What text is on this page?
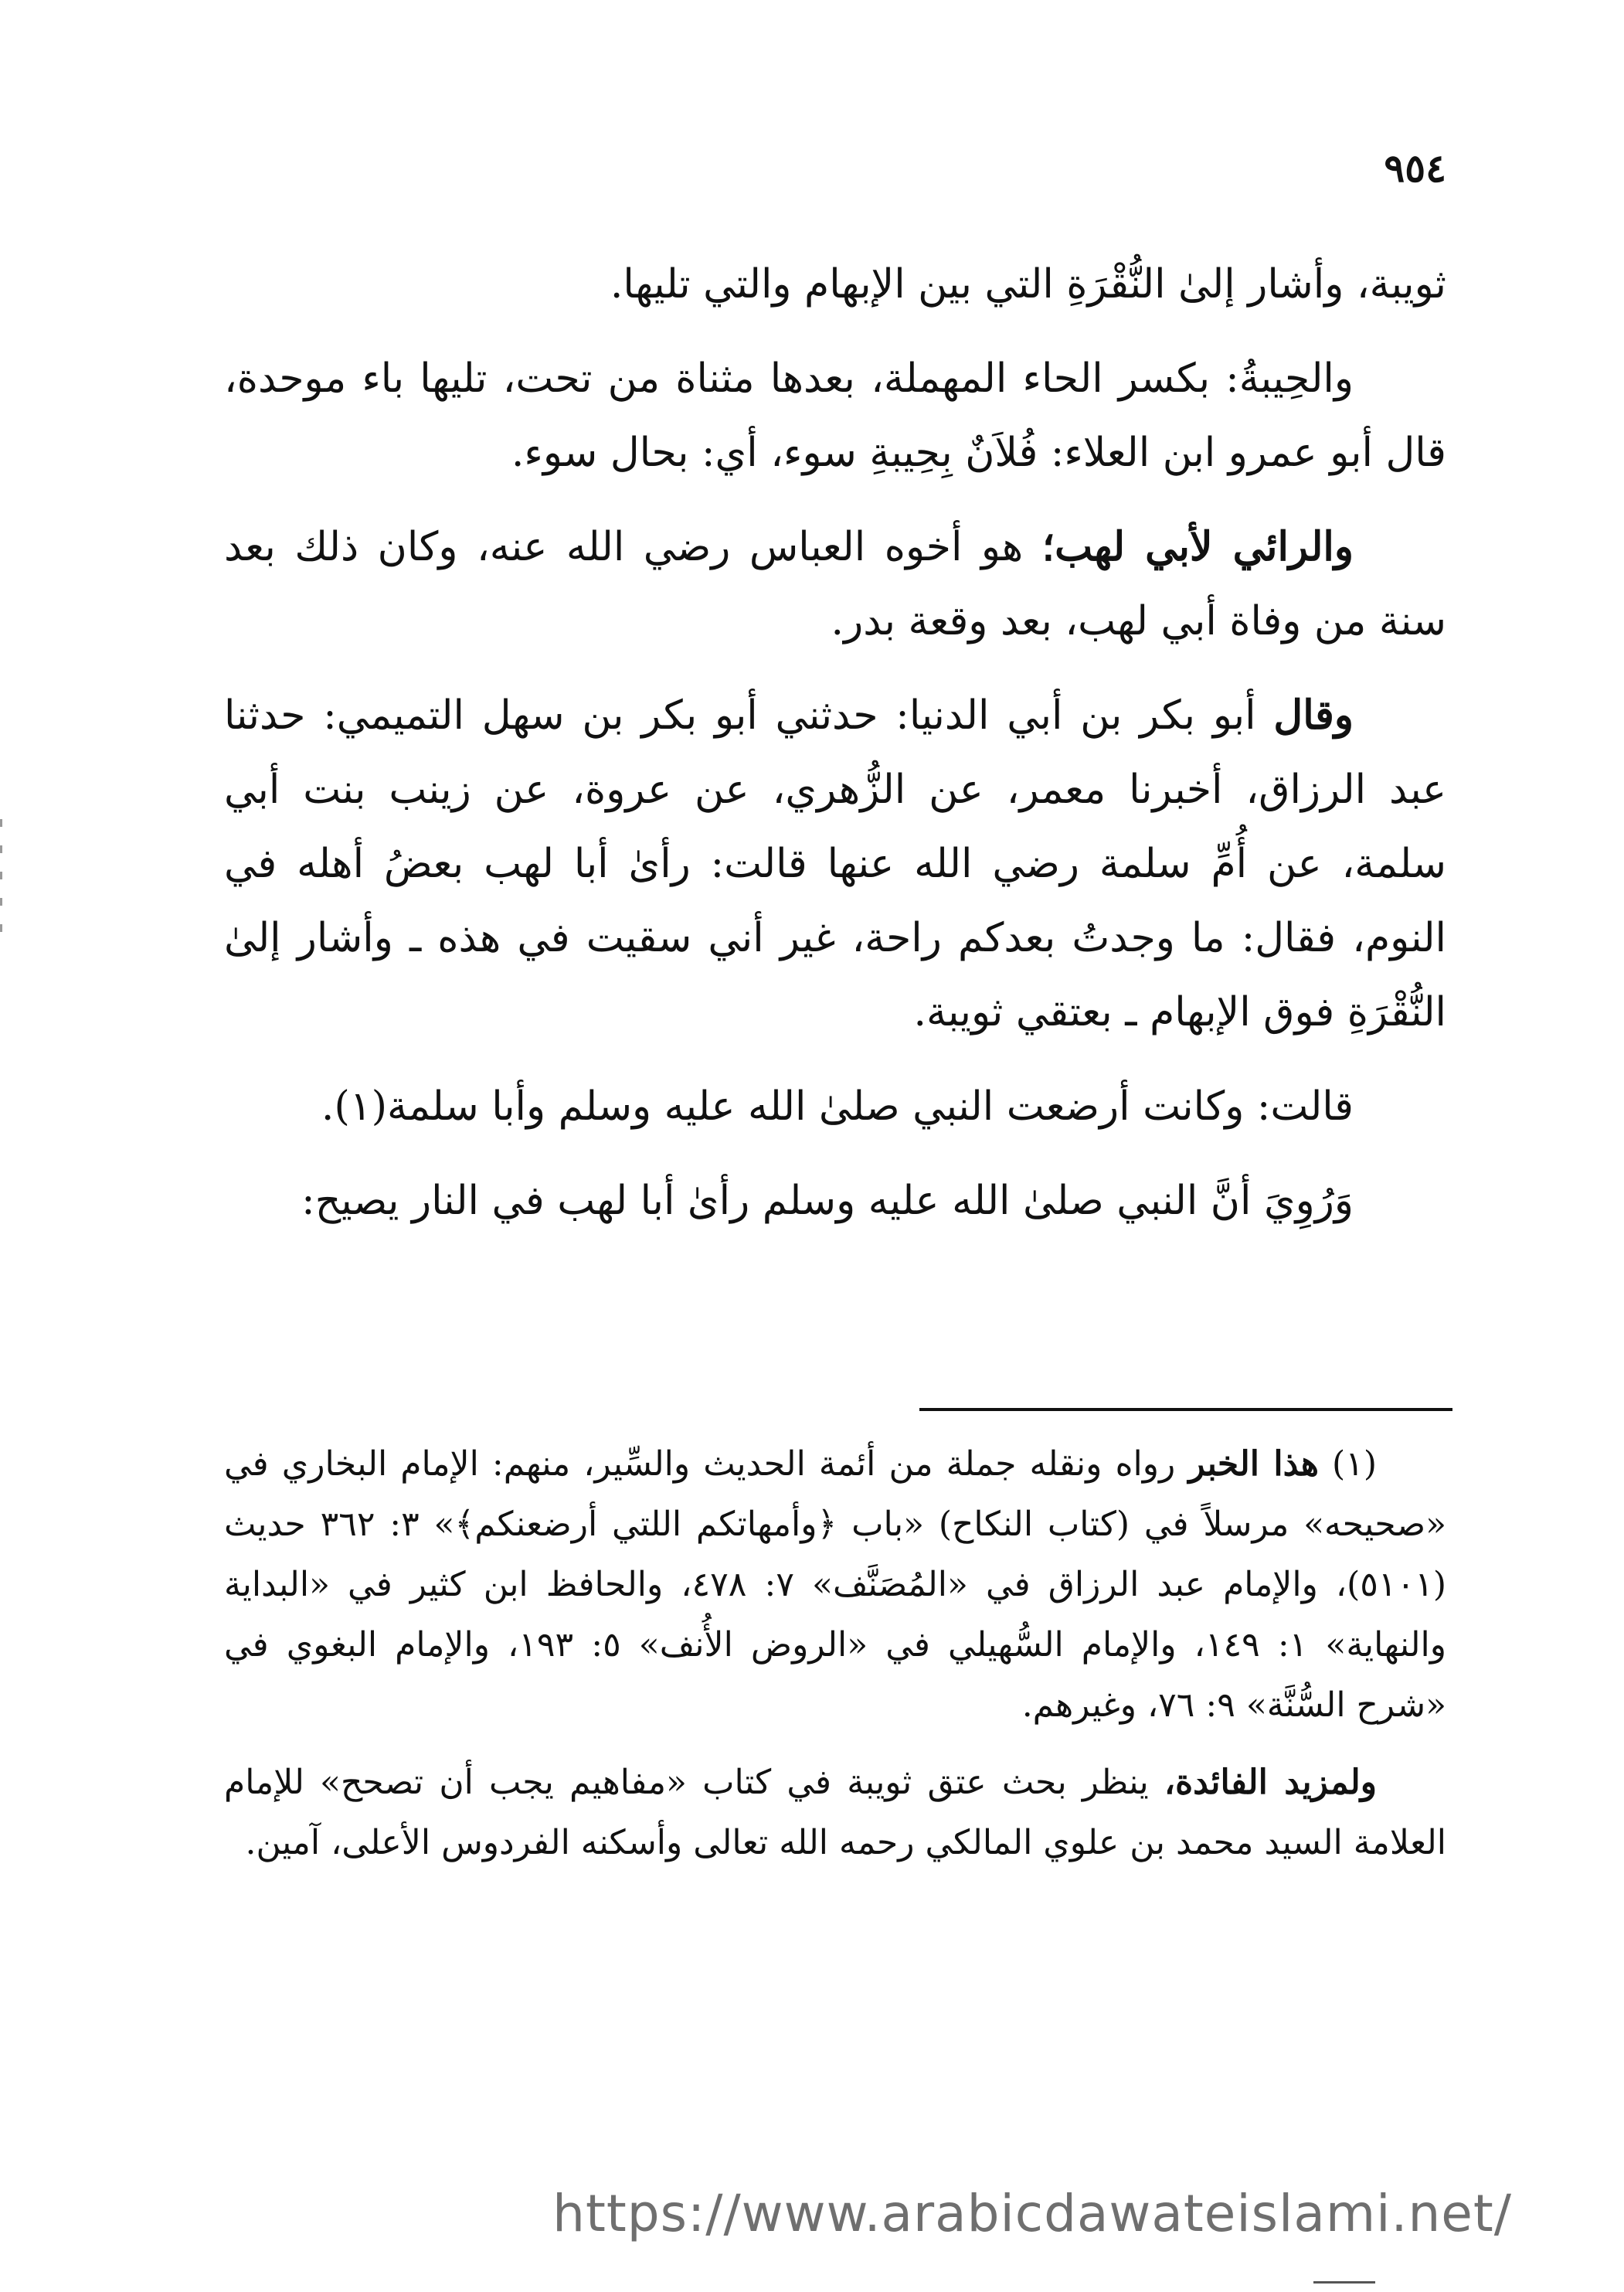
٩٥٤

ثويبة، وأشار إلىٰ النُّقْرَةِ التي بين الإبهام والتي تليها.

والحِيبةُ: بكسر الحاء المهملة، بعدها مثناة من تحت، تليها باء موحدة، قال أبو عمرو ابن العلاء: فُلاَنٌ بِحِيبةِ سوء، أي: بحال سوء.

والرائي لأبي لهب؛ هو أخوه العباس رضي الله عنه، وكان ذلك بعد سنة من وفاة أبي لهب، بعد وقعة بدر.

وقال أبو بكر بن أبي الدنيا: حدثني أبو بكر بن سهل التميمي: حدثنا عبد الرزاق، أخبرنا معمر، عن الزُّهري، عن عروة، عن زينب بنت أبي سلمة، عن أُمِّ سلمة رضي الله عنها قالت: رأىٰ أبا لهب بعضُ أهله في النوم، فقال: ما وجدتُ بعدكم راحة، غير أني سقيت في هذه ـ وأشار إلىٰ النُّقْرَةِ فوق الإبهام ـ بعتقي ثويبة.

قالت: وكانت أرضعت النبي صلىٰ الله عليه وسلم وأبا سلمة(١).

وَرُوِيَ أنَّ النبي صلىٰ الله عليه وسلم رأىٰ أبا لهب في النار يصيح:

(١) هذا الخبر رواه ونقله جملة من أئمة الحديث والسِّير، منهم: الإمام البخاري في «صحيحه» مرسلاً في (كتاب النكاح) «باب ﴿وأمهاتكم اللتي أرضعنكم﴾» ٣: ٣٦٢ حديث (٥١٠١)، والإمام عبد الرزاق في «المُصَنَّف» ٧: ٤٧٨، والحافظ ابن كثير في «البداية والنهاية» ١: ١٤٩، والإمام السُّهيلي في «الروض الأُنف» ٥: ١٩٣، والإمام البغوي في «شرح السُّنَّة» ٩: ٧٦، وغيرهم.

ولمزيد الفائدة، ينظر بحث عتق ثويبة في كتاب «مفاهيم يجب أن تصحح» للإمام العلامة السيد محمد بن علوي المالكي رحمه الله تعالى وأسكنه الفردوس الأعلى، آمين.

https://www.arabicdawateislami.net/
